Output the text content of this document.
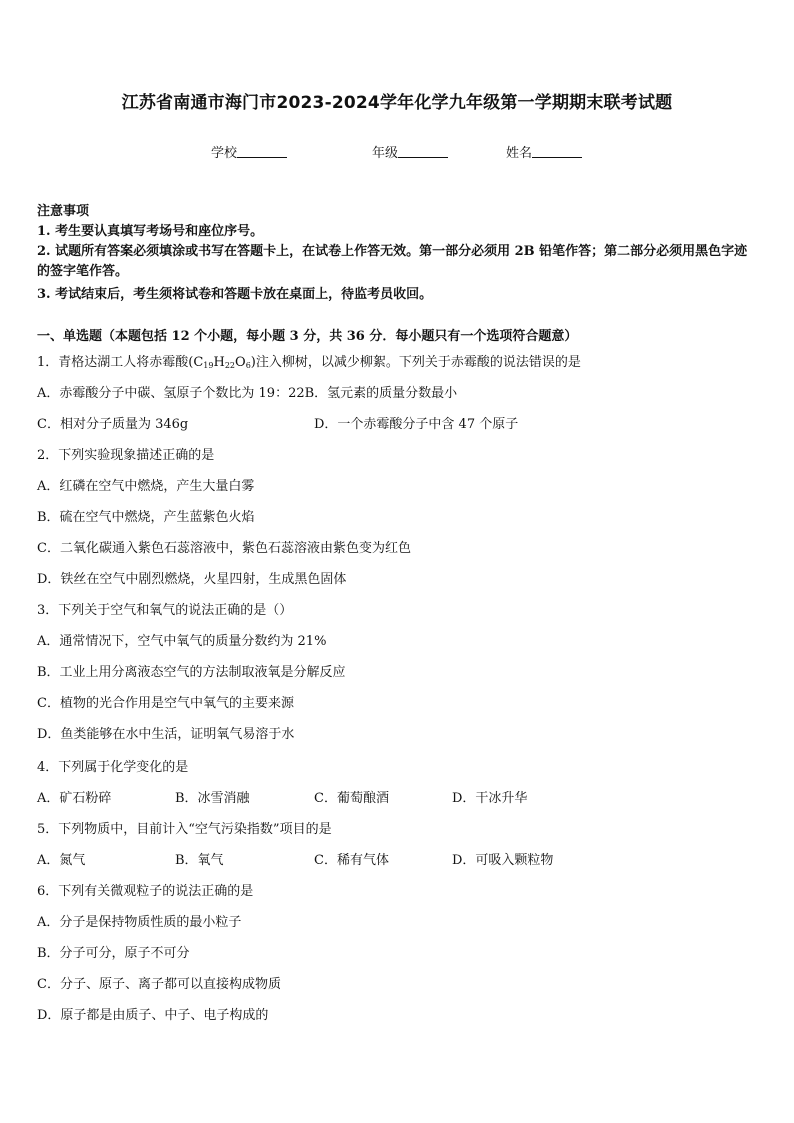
江苏省南通市海门市2023-2024学年化学九年级第一学期期末联考试题
学校	年级	姓名
注意事项
1. 考生要认真填写考场号和座位序号。
2. 试题所有答案必须填涂或书写在答题卡上，在试卷上作答无效。第一部分必须用 2B 铅笔作答；第二部分必须用黑色字迹的签字笔作答。
3. 考试结束后，考生须将试卷和答题卡放在桌面上，待监考员收回。
一、单选题（本题包括 12 个小题，每小题 3 分，共 36 分．每小题只有一个选项符合题意）
1．青格达湖工人将赤霉酸$(C_{19}H_{22}O_6)$注入柳树，以减少柳絮。下列关于赤霉酸的说法错误的是
A．赤霉酸分子中碳、氢原子个数比为 19：22B．氢元素的质量分数最小
C．相对分子质量为 346g	D．一个赤霉酸分子中含 47 个原子
2．下列实验现象描述正确的是
A．红磷在空气中燃烧，产生大量白雾
B．硫在空气中燃烧，产生蓝紫色火焰
C．二氧化碳通入紫色石蕊溶液中，紫色石蕊溶液由紫色变为红色
D．铁丝在空气中剧烈燃烧，火星四射，生成黑色固体
3．下列关于空气和氧气的说法正确的是（）
A．通常情况下，空气中氧气的质量分数约为 21%
B．工业上用分离液态空气的方法制取液氧是分解反应
C．植物的光合作用是空气中氧气的主要来源
D．鱼类能够在水中生活，证明氧气易溶于水
4．下列属于化学变化的是
A．矿石粉碎	B．冰雪消融	C．葡萄酿酒	D．干冰升华
5．下列物质中，目前计入“空气污染指数”项目的是
A．氮气	B．氧气	C．稀有气体	D．可吸入颗粒物
6．下列有关微观粒子的说法正确的是
A．分子是保持物质性质的最小粒子
B．分子可分，原子不可分
C．分子、原子、离子都可以直接构成物质
D．原子都是由质子、中子、电子构成的
